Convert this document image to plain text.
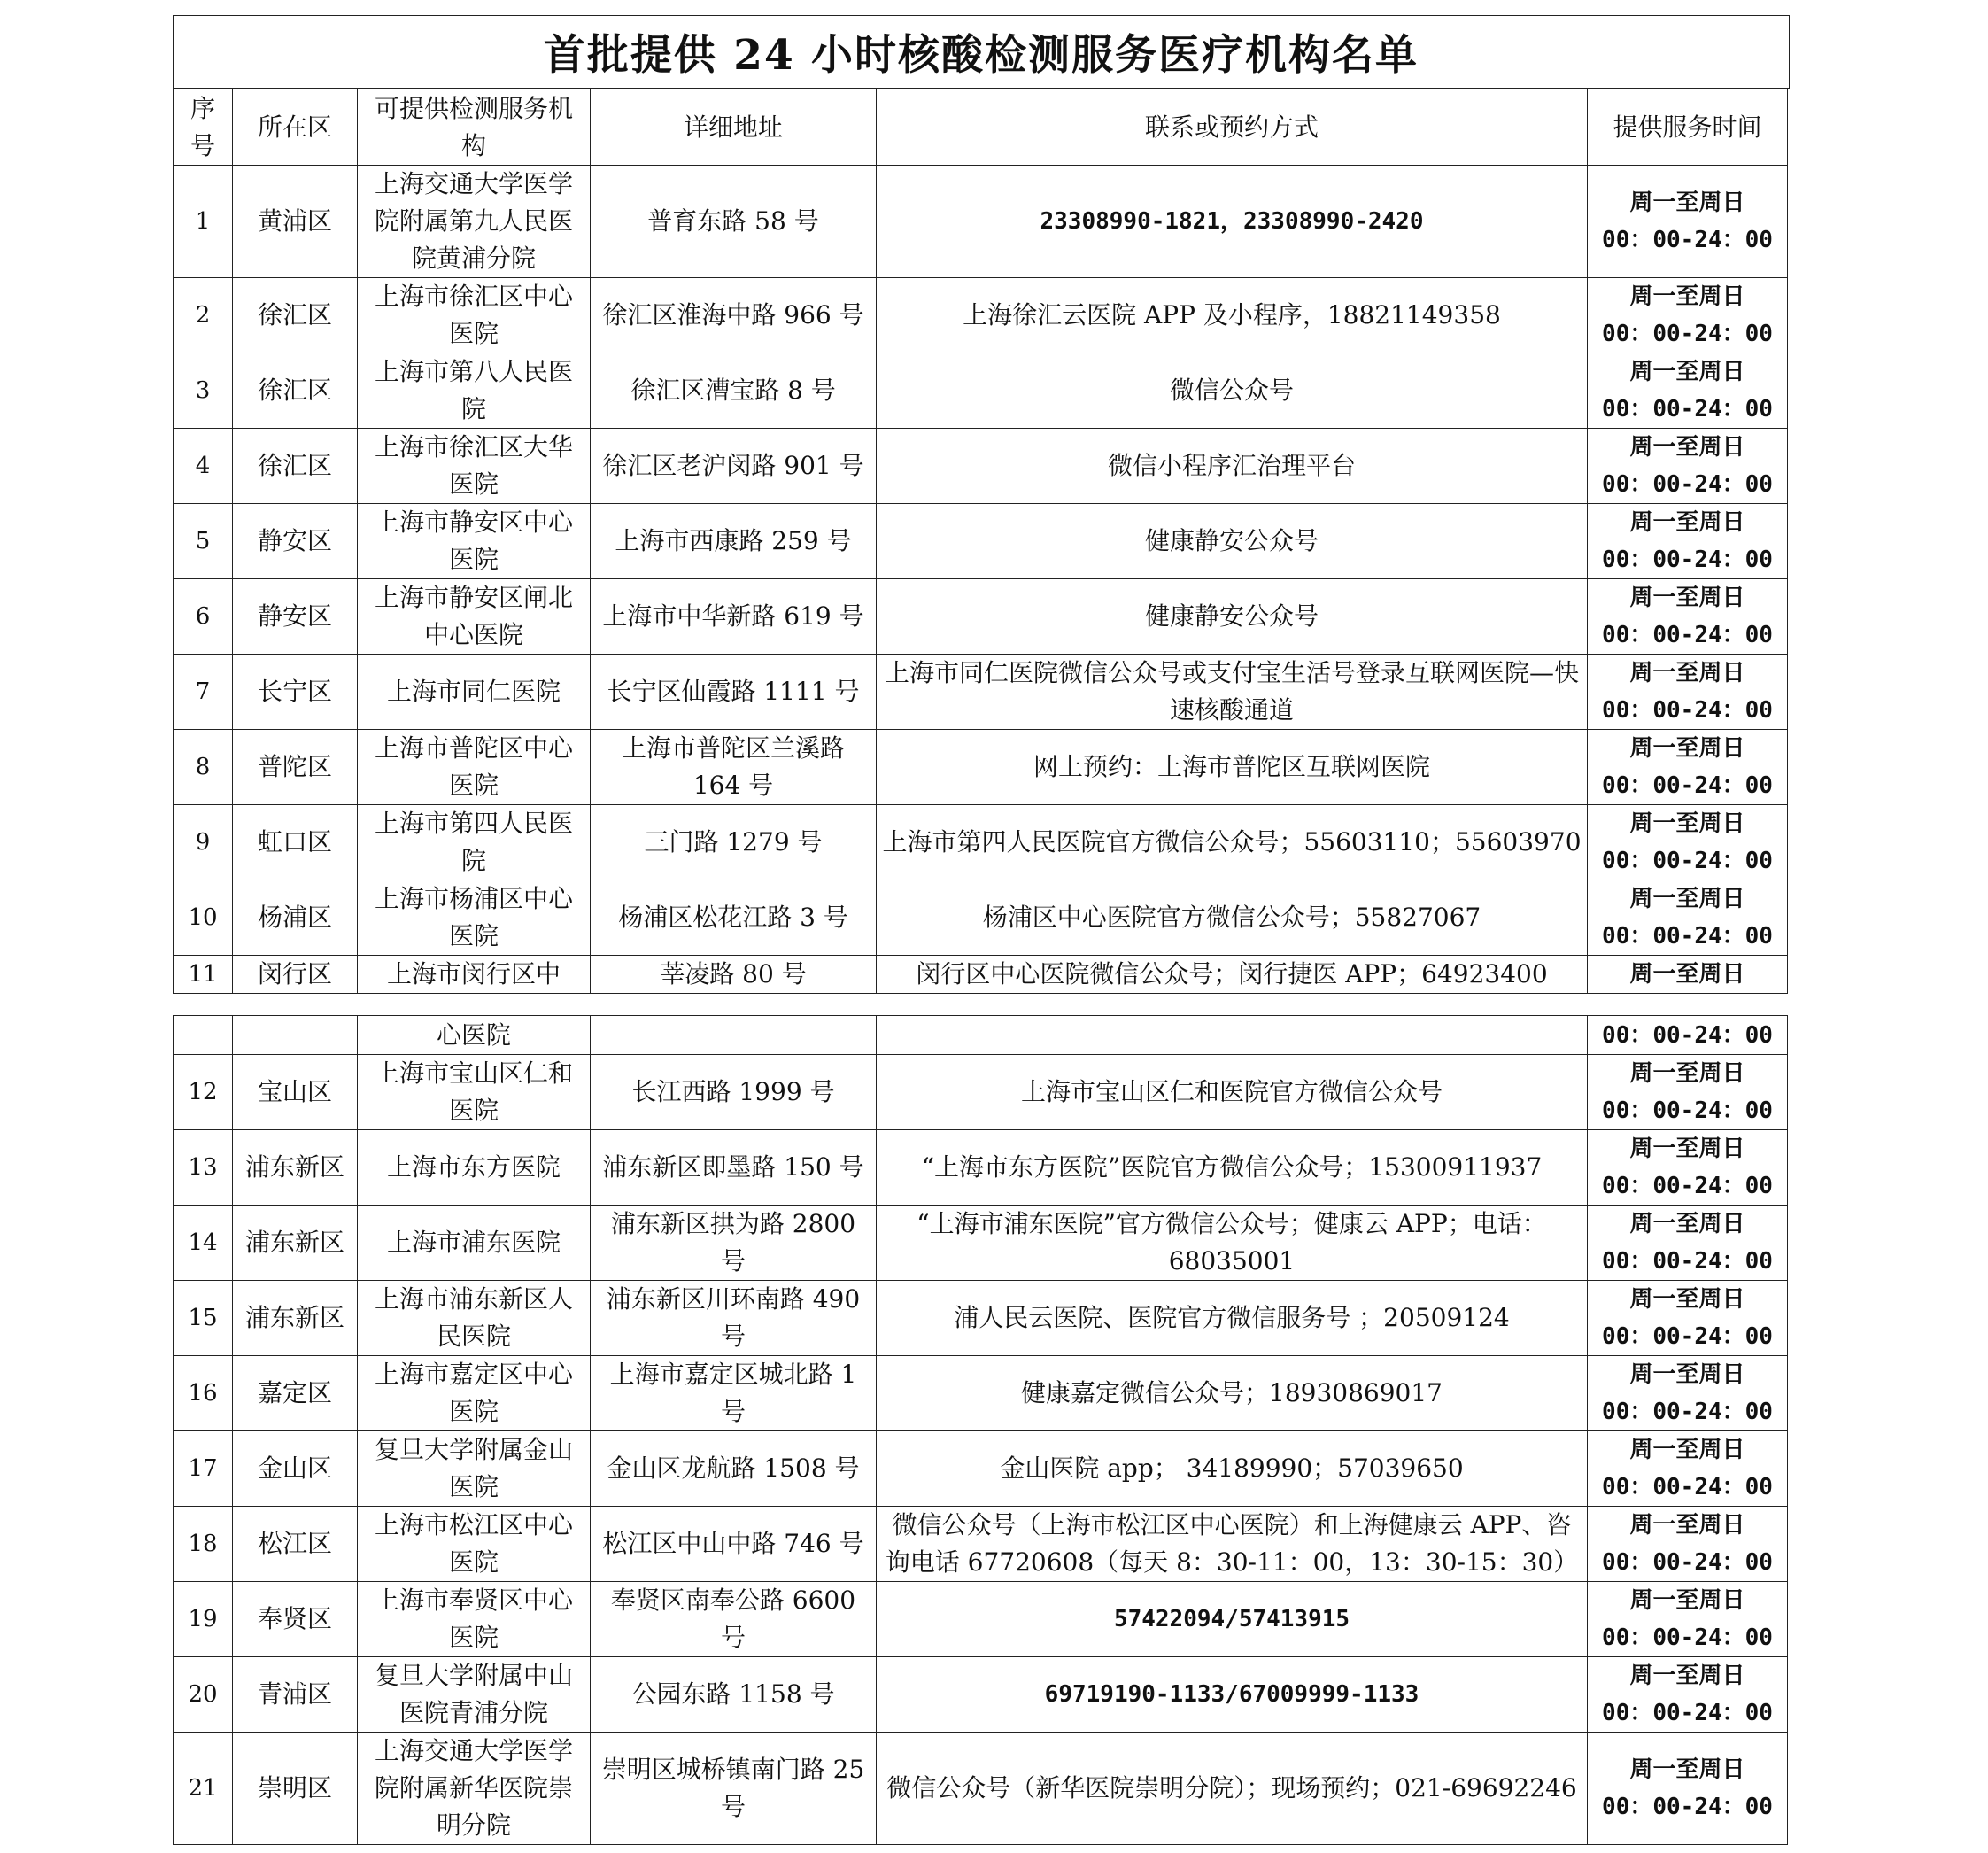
首批提供 24 小时核酸检测服务医疗机构名单
序号	所在区	可提供检测服务机构	详细地址	联系或预约方式	提供服务时间
1	黄浦区	上海交通大学医学院附属第九人民医院黄浦分院	普育东路 58 号	23308990-1821，23308990-2420	周一至周日
00：00-24：00

2	徐汇区	上海市徐汇区中心医院	徐汇区淮海中路 966 号	上海徐汇云医院 APP 及小程序，18821149358	周一至周日
00：00-24：00

3	徐汇区	上海市第八人民医院	徐汇区漕宝路 8 号	微信公众号	周一至周日
00：00-24：00

4	徐汇区	上海市徐汇区大华医院	徐汇区老沪闵路 901 号	微信小程序汇治理平台	周一至周日
00：00-24：00

5	静安区	上海市静安区中心医院	上海市西康路 259 号	健康静安公众号	周一至周日
00：00-24：00

6	静安区	上海市静安区闸北中心医院	上海市中华新路 619 号	健康静安公众号	周一至周日
00：00-24：00

7	长宁区	上海市同仁医院	长宁区仙霞路 1111 号	上海市同仁医院微信公众号或支付宝生活号登录互联网医院—快速核酸通道	周一至周日
00：00-24：00

8	普陀区	上海市普陀区中心医院	上海市普陀区兰溪路 164 号	网上预约：上海市普陀区互联网医院	周一至周日
00：00-24：00

9	虹口区	上海市第四人民医院	三门路 1279 号	上海市第四人民医院官方微信公众号；55603110；55603970	周一至周日
00：00-24：00

10	杨浦区	上海市杨浦区中心医院	杨浦区松花江路 3 号	杨浦区中心医院官方微信公众号；55827067	周一至周日
00：00-24：00

11	闵行区	上海市闵行区中	莘凌路 80 号	闵行区中心医院微信公众号；闵行捷医 APP；64923400	周一至周日
		心医院			00：00-24：00
12	宝山区	上海市宝山区仁和医院	长江西路 1999 号	上海市宝山区仁和医院官方微信公众号	周一至周日
00：00-24：00

13	浦东新区	上海市东方医院	浦东新区即墨路 150 号	“上海市东方医院”医院官方微信公众号；15300911937	周一至周日
00：00-24：00

14	浦东新区	上海市浦东医院	浦东新区拱为路 2800 号	“上海市浦东医院”官方微信公众号；健康云 APP；电话：68035001	周一至周日
00：00-24：00

15	浦东新区	上海市浦东新区人民医院	浦东新区川环南路 490 号	浦人民云医院、医院官方微信服务号 ；20509124	周一至周日
00：00-24：00

16	嘉定区	上海市嘉定区中心医院	上海市嘉定区城北路 1 号	健康嘉定微信公众号；18930869017	周一至周日
00：00-24：00

17	金山区	复旦大学附属金山医院	金山区龙航路 1508 号	金山医院 app； 34189990；57039650	周一至周日
00：00-24：00

18	松江区	上海市松江区中心医院	松江区中山中路 746 号	微信公众号（上海市松江区中心医院）和上海健康云 APP、咨询电话 67720608（每天 8：30-11：00，13：30-15：30）	周一至周日
00：00-24：00

19	奉贤区	上海市奉贤区中心医院	奉贤区南奉公路 6600 号	57422094/57413915	周一至周日
00：00-24：00

20	青浦区	复旦大学附属中山医院青浦分院	公园东路 1158 号	69719190-1133/67009999-1133	周一至周日
00：00-24：00

21	崇明区	上海交通大学医学院附属新华医院崇明分院	崇明区城桥镇南门路 25 号	微信公众号（新华医院崇明分院）；现场预约；021-69692246	周一至周日
00：00-24：00
